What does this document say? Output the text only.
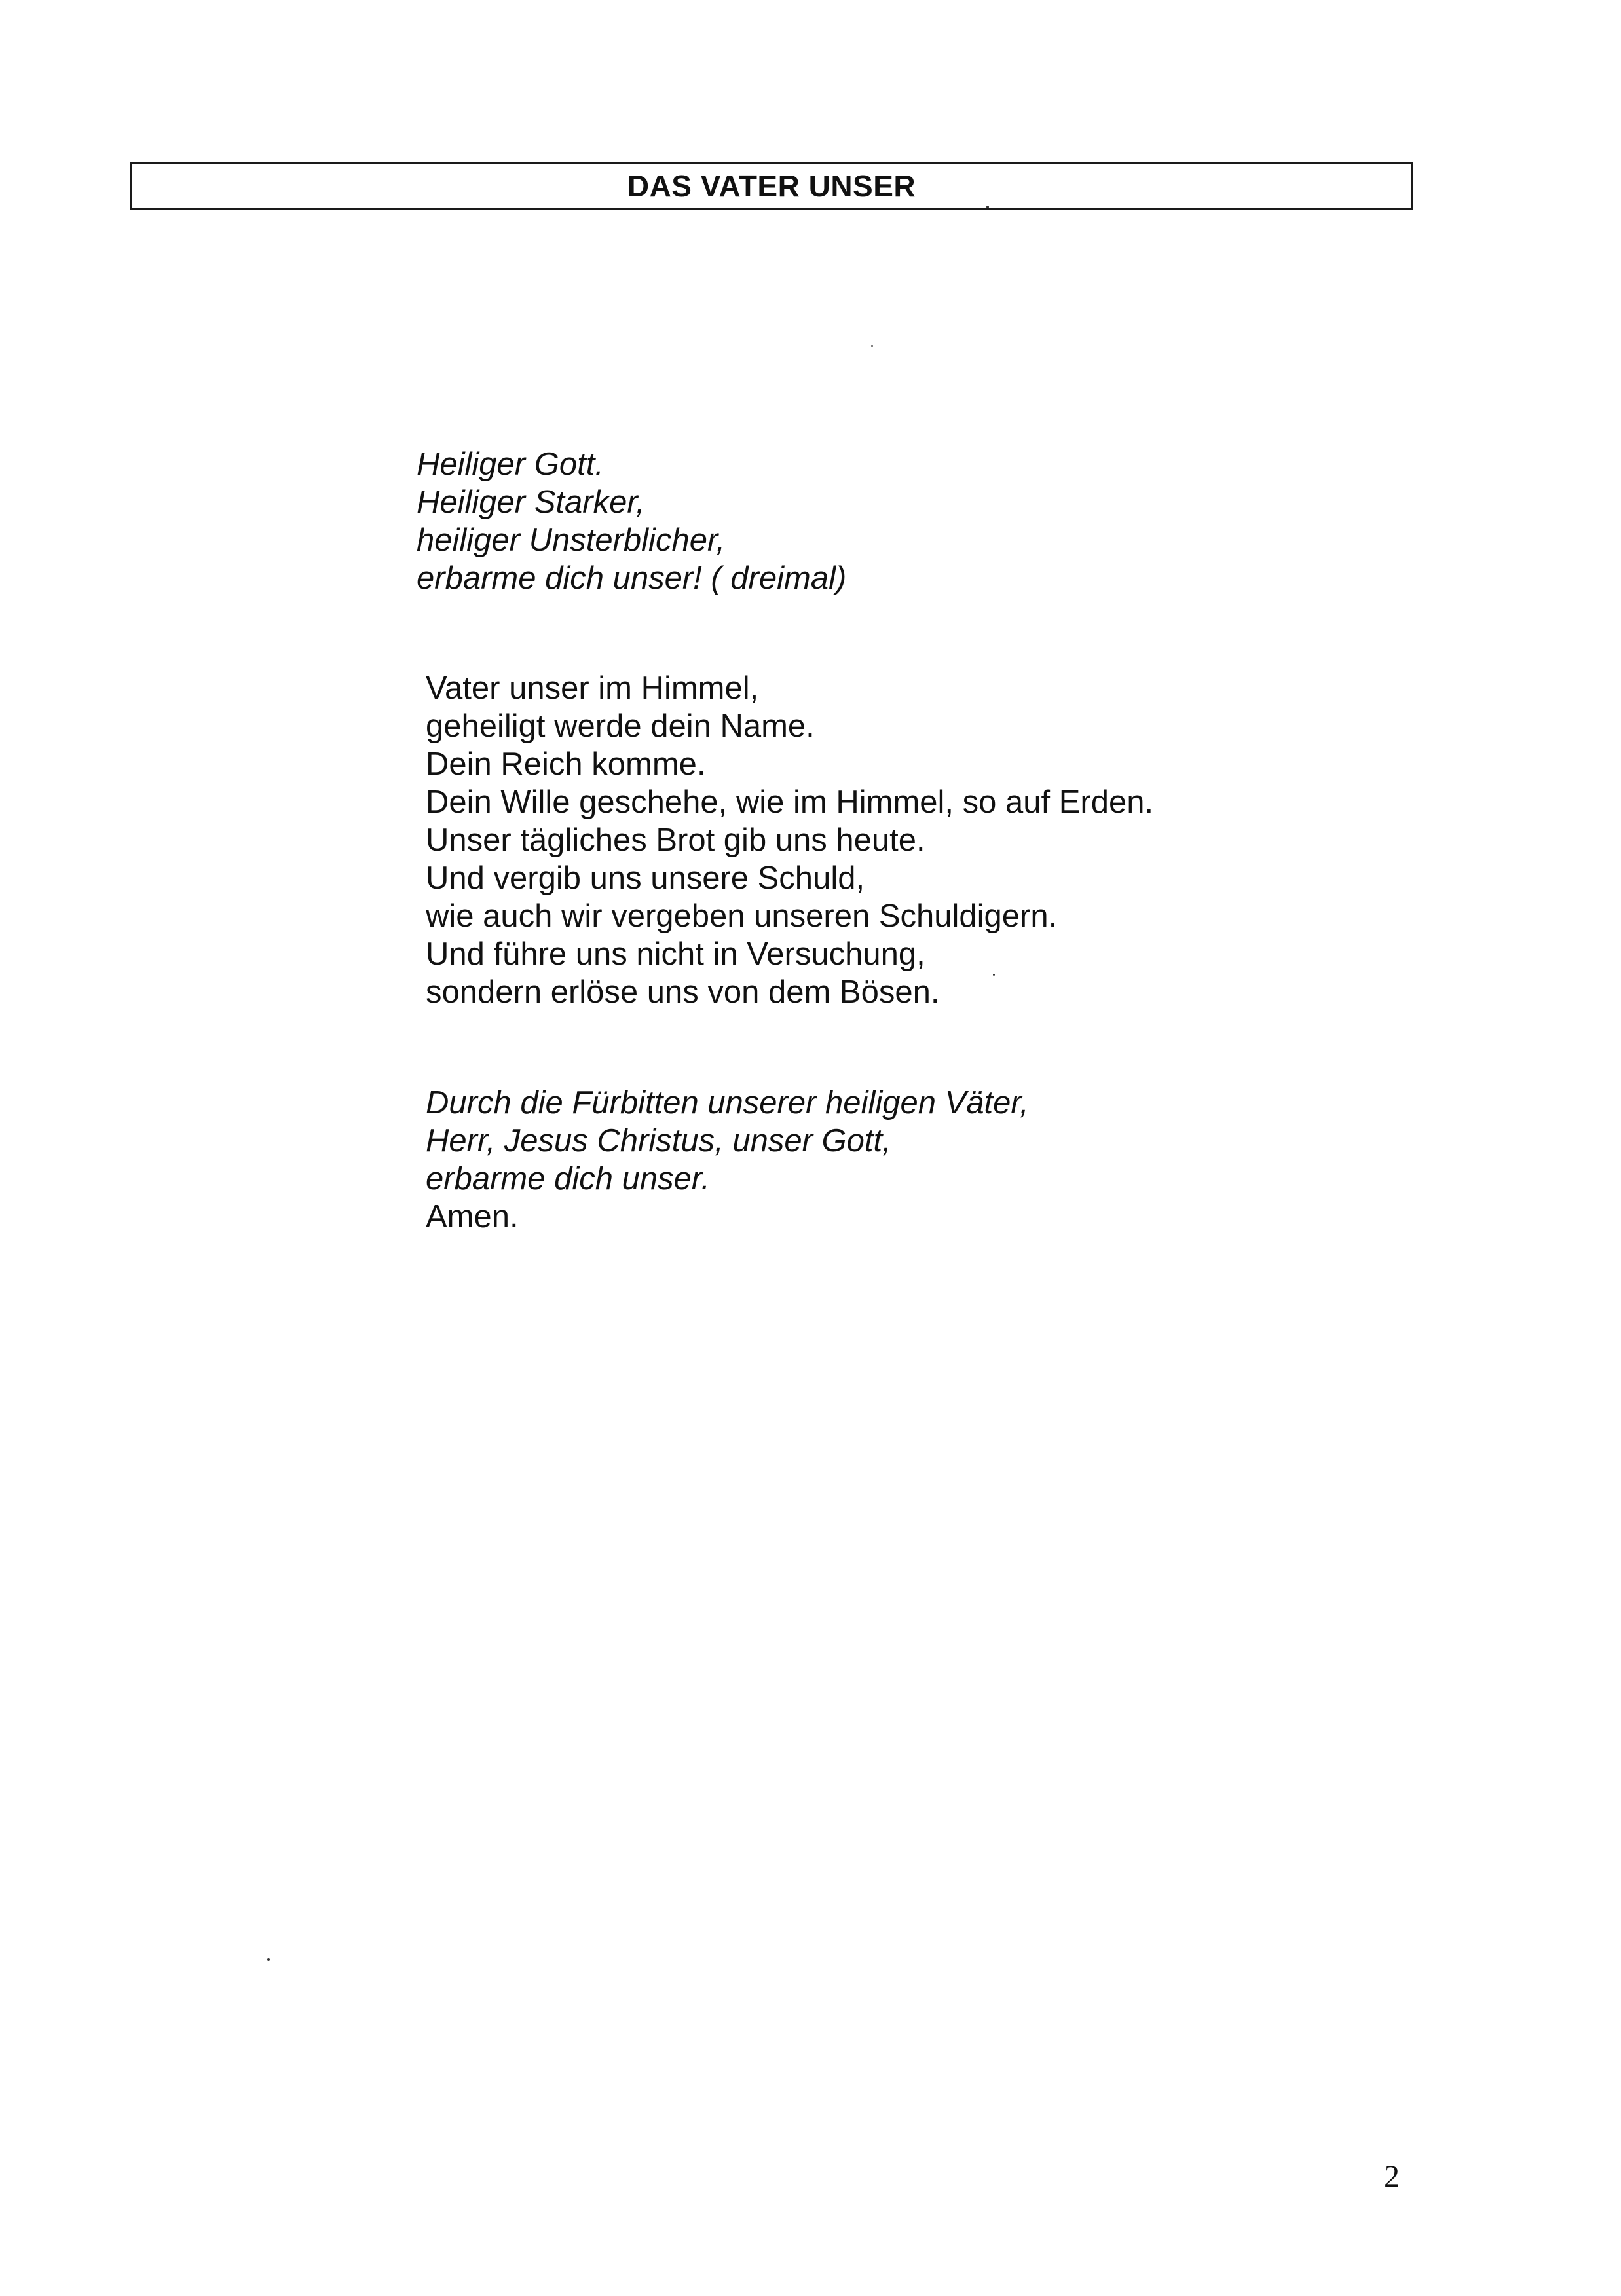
DAS VATER UNSER
Heiliger Gott.
Heiliger Starker,
heiliger Unsterblicher,
erbarme dich unser! ( dreimal)
Vater unser im Himmel,
geheiligt werde dein Name.
Dein Reich komme.
Dein Wille geschehe, wie im Himmel, so auf Erden.
Unser tägliches Brot gib uns heute.
Und vergib uns unsere Schuld,
wie auch wir vergeben unseren Schuldigern.
Und führe uns nicht in Versuchung,
sondern erlöse uns von dem Bösen.
Durch die Fürbitten unserer heiligen Väter,
Herr, Jesus Christus, unser Gott,
erbarme dich unser.
Amen.
2
